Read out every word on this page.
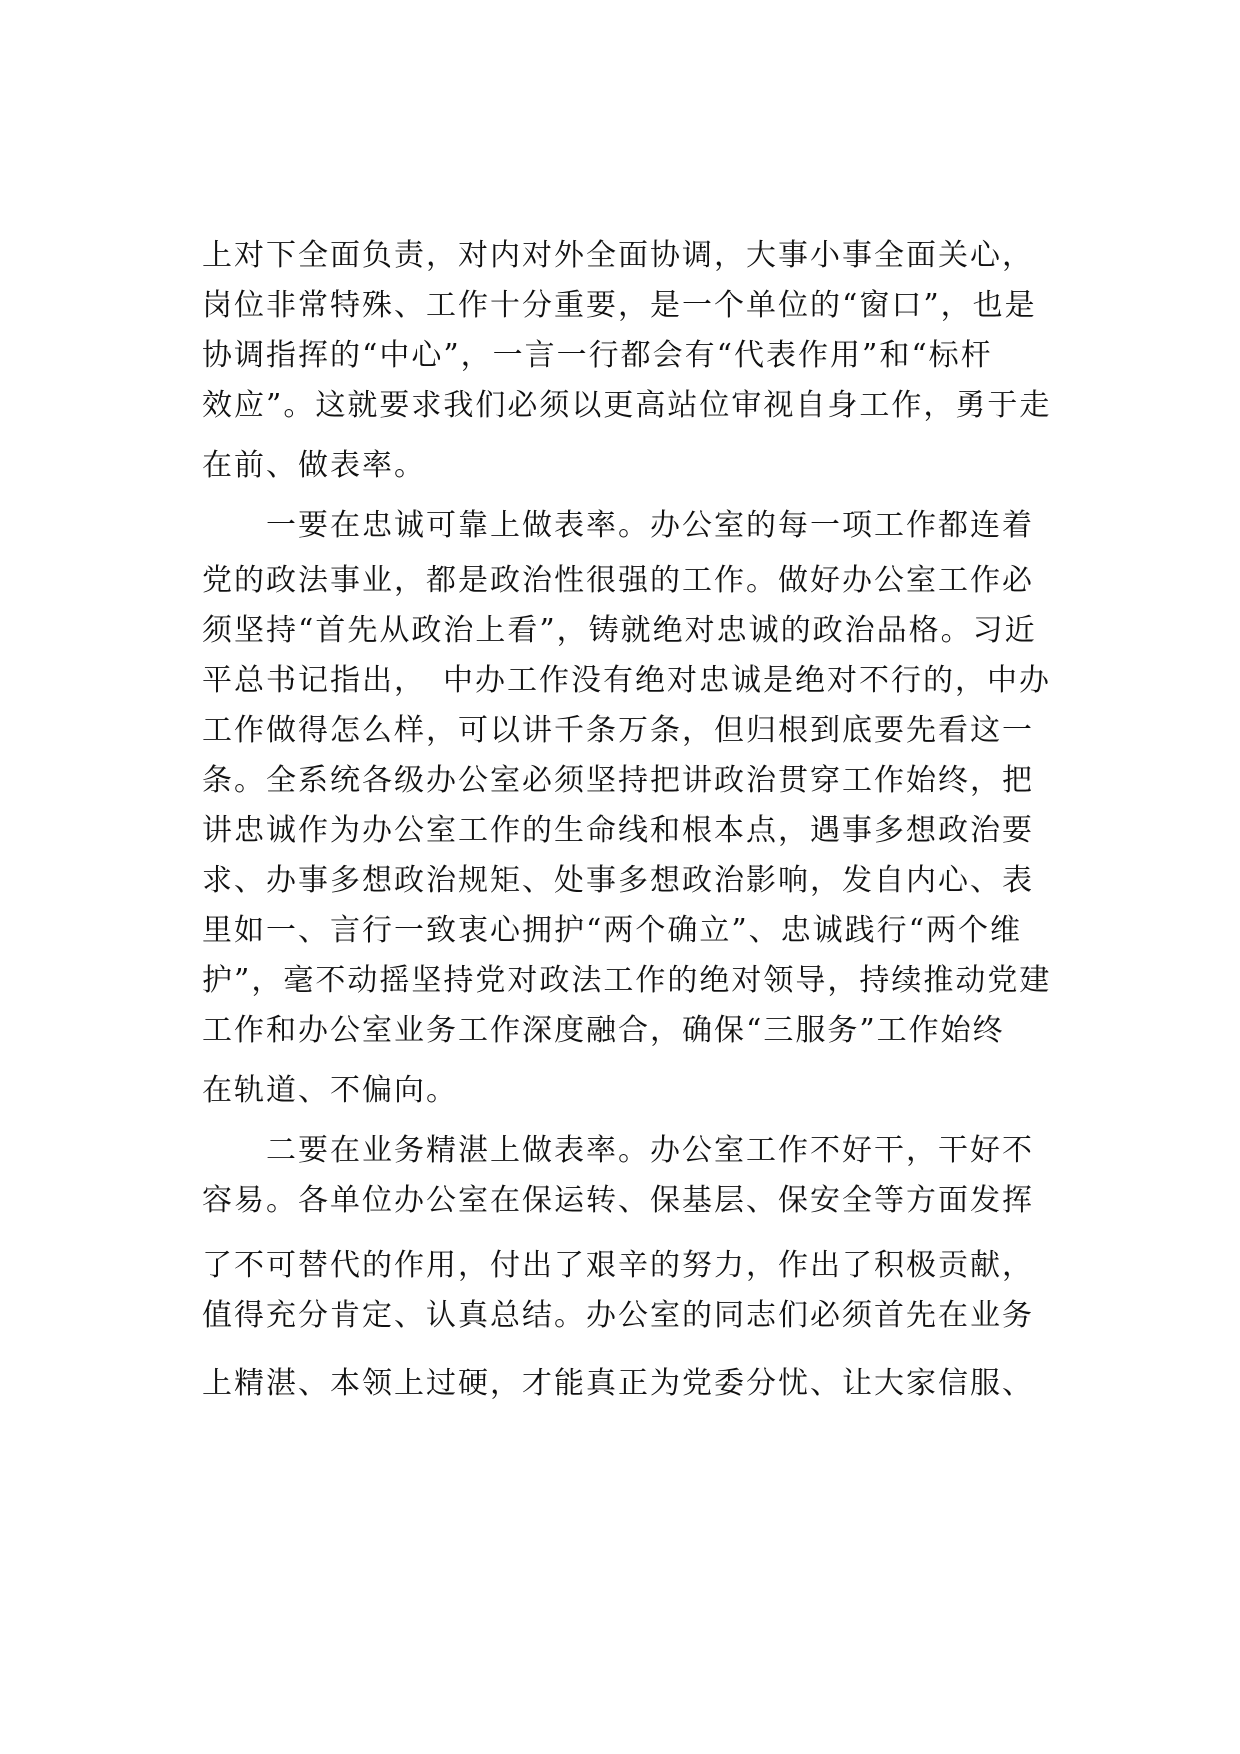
上对下全面负责，对内对外全面协调，大事小事全面关心，
岗位非常特殊、工作十分重要，是一个单位的“窗口”，也是
协调指挥的“中心”，一言一行都会有“代表作用”和“标杆
效应”。这就要求我们必须以更高站位审视自身工作，勇于走
在前、做表率。
一要在忠诚可靠上做表率。办公室的每一项工作都连着
党的政法事业，都是政治性很强的工作。做好办公室工作必
须坚持“首先从政治上看”，铸就绝对忠诚的政治品格。习近
平总书记指出，　中办工作没有绝对忠诚是绝对不行的，中办
工作做得怎么样，可以讲千条万条，但归根到底要先看这一
条。全系统各级办公室必须坚持把讲政治贯穿工作始终，把
讲忠诚作为办公室工作的生命线和根本点，遇事多想政治要
求、办事多想政治规矩、处事多想政治影响，发自内心、表
里如一、言行一致衷心拥护“两个确立”、忠诚践行“两个维
护”，毫不动摇坚持党对政法工作的绝对领导，持续推动党建
工作和办公室业务工作深度融合，确保“三服务”工作始终
在轨道、不偏向。
二要在业务精湛上做表率。办公室工作不好干，干好不
容易。各单位办公室在保运转、保基层、保安全等方面发挥
了不可替代的作用，付出了艰辛的努力，作出了积极贡献，
值得充分肯定、认真总结。办公室的同志们必须首先在业务
上精湛、本领上过硬，才能真正为党委分忧、让大家信服、
